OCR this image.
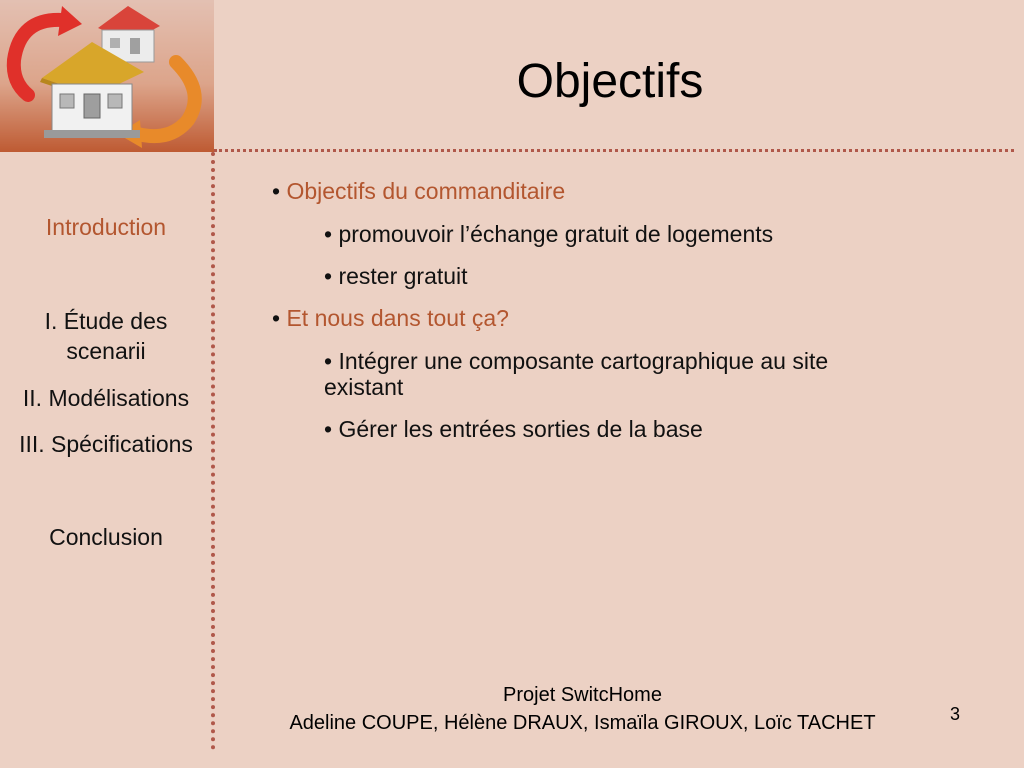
Objectifs
Introduction
I. Étude des
scenarii
II. Modélisations
III. Spécifications
Conclusion
• Objectifs du commanditaire
• promouvoir l’échange gratuit de logements
• rester gratuit
• Et nous dans tout ça?
• Intégrer une composante cartographique au site existant
• Gérer les entrées sorties de la base
Projet SwitcHome
Adeline COUPE, Hélène DRAUX, Ismaïla GIROUX, Loïc TACHET	3
